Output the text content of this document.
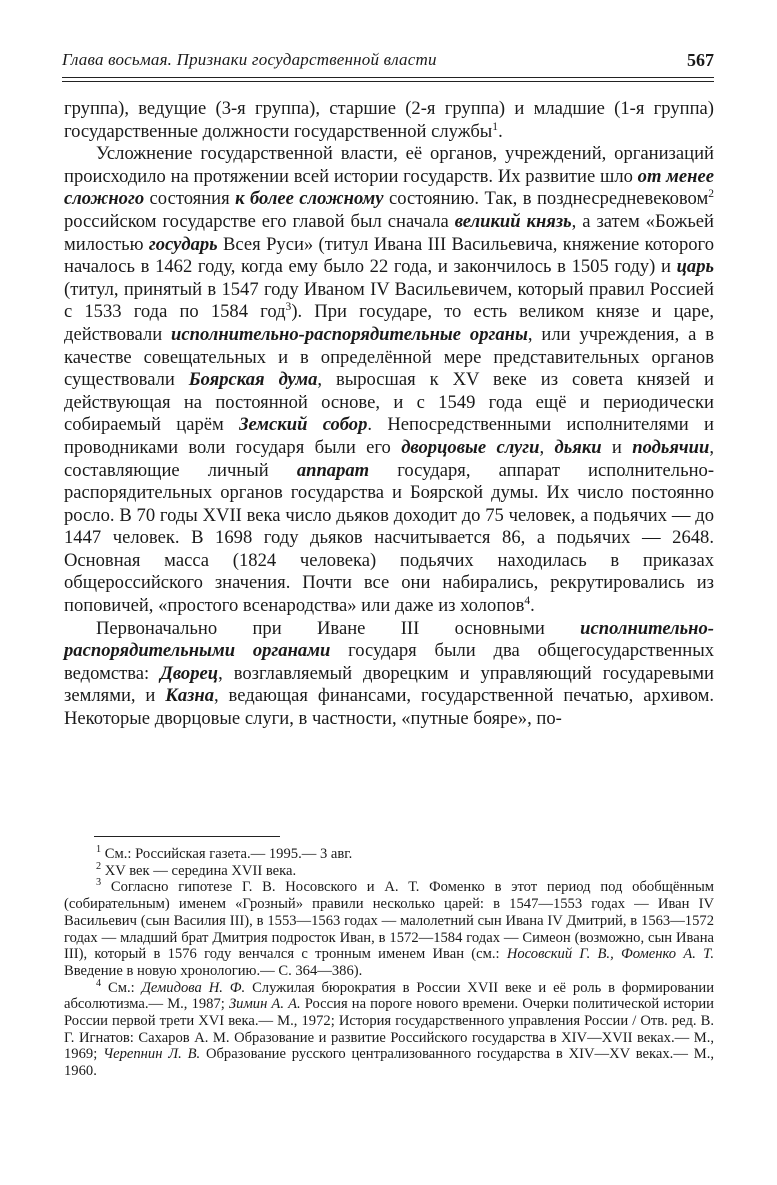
Глава восьмая. Признаки государственной власти	567

группа), ведущие (3-я группа), старшие (2-я группа) и младшие (1-я группа) государственные должности государственной службы$^1$.

Усложнение государственной власти, её органов, учреждений, организаций происходило на протяжении всей истории государств. Их развитие шло от менее сложного состояния к более сложному состоянию. Так, в позднесредневековом$^2$ российском государстве его главой был сначала великий князь, а затем «Божьей милостью государь Всея Руси» (титул Ивана III Васильевича, княжение которого началось в 1462 году, когда ему было 22 года, и закончилось в 1505 году) и царь (титул, принятый в 1547 году Иваном IV Васильевичем, который правил Россией с 1533 года по 1584 год$^3$). При государе, то есть великом князе и царе, действовали исполнительно-распорядительные органы, или учреждения, а в качестве совещательных и в определённой мере представительных органов существовали Боярская дума, выросшая к XV веке из совета князей и действующая на постоянной основе, и с 1549 года ещё и периодически собираемый царём Земский собор. Непосредственными исполнителями и проводниками воли государя были его дворцовые слуги, дьяки и подьячии, составляющие личный аппарат государя, аппарат исполнительно-распорядительных органов государства и Боярской думы. Их число постоянно росло. В 70 годы XVII века число дьяков доходит до 75 человек, а подьячих — до 1447 человек. В 1698 году дьяков насчитывается 86, а подьячих — 2648. Основная масса (1824 человека) подьячих находилась в приказах общероссийского значения. Почти все они набирались, рекрутировались из поповичей, «простого всенародства» или даже из холопов$^4$.

Первоначально при Иване III основными исполнительно-распорядительными органами государя были два общегосударственных ведомства: Дворец, возглавляемый дворецким и управляющий государевыми землями, и Казна, ведающая финансами, государственной печатью, архивом. Некоторые дворцовые слуги, в частности, «путные бояре», по-

$^1$ См.: Российская газета.— 1995.— 3 авг.

$^2$ XV век — середина XVII века.

$^3$ Согласно гипотезе Г. В. Носовского и А. Т. Фоменко в этот период под обобщённым (собирательным) именем «Грозный» правили несколько царей: в 1547—1553 годах — Иван IV Васильевич (сын Василия III), в 1553—1563 годах — малолетний сын Ивана IV Дмитрий, в 1563—1572 годах — младший брат Дмитрия подросток Иван, в 1572—1584 годах — Симеон (возможно, сын Ивана III), который в 1576 году венчался с тронным именем Иван (см.: Носовский Г. В., Фоменко А. Т. Введение в новую хронологию.— С. 364—386).

$^4$ См.: Демидова Н. Ф. Служилая бюрократия в России XVII веке и её роль в формировании абсолютизма.— М., 1987; Зимин А. А. Россия на пороге нового времени. Очерки политической истории России первой трети XVI века.— М., 1972; История государственного управления России / Отв. ред. В. Г. Игнатов: Сахаров А. М. Образование и развитие Российского государства в XIV—XVII веках.— М., 1969; Черепнин Л. В. Образование русского централизованного государства в XIV—XV веках.— М., 1960.
